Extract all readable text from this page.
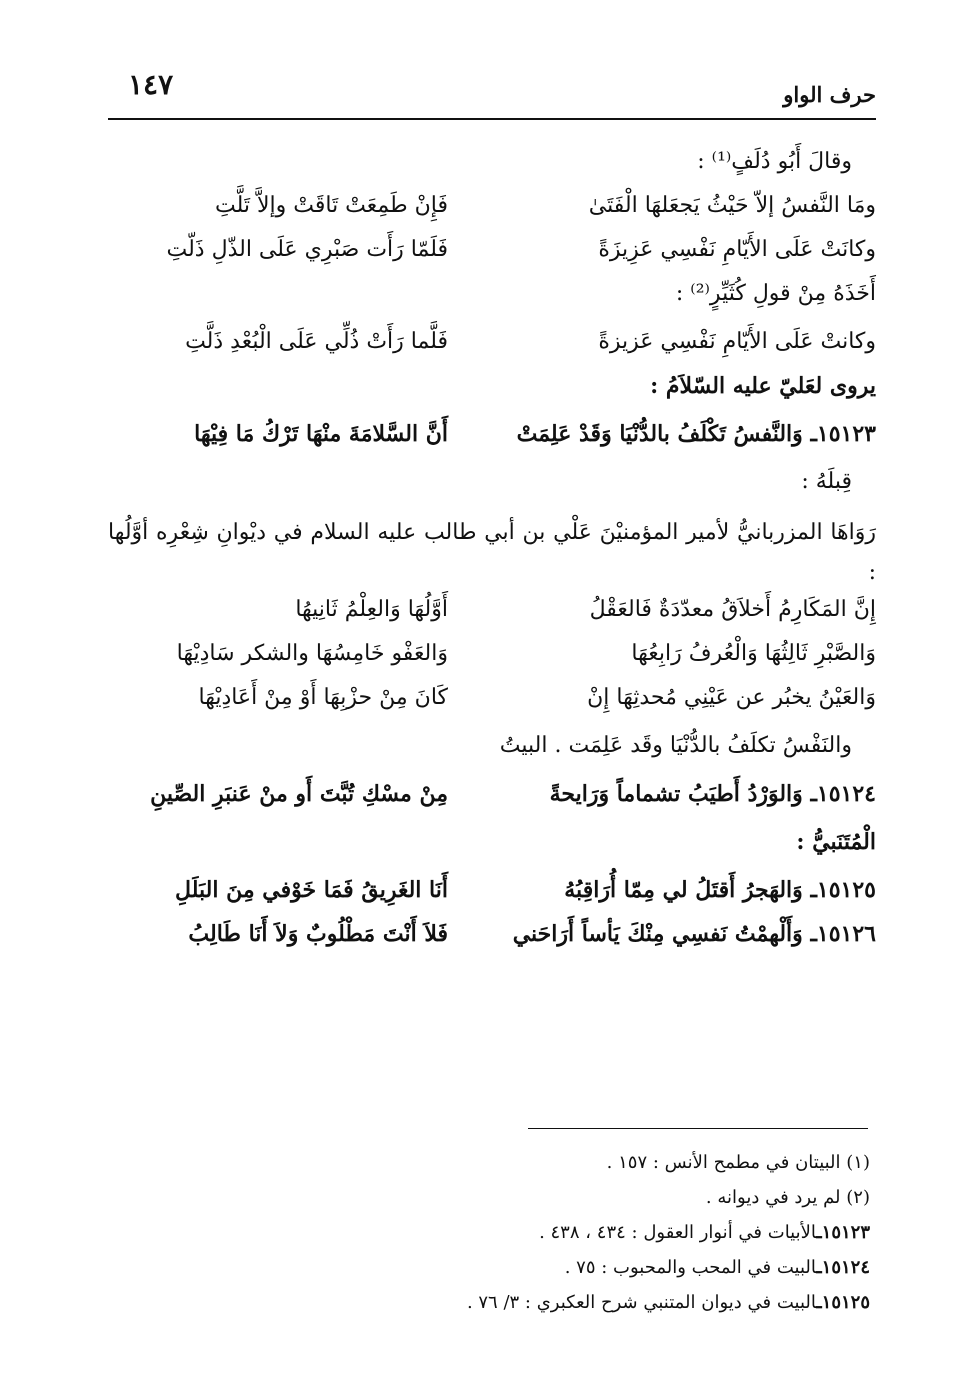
١٤٧	حرف الواو
وقالَ أَبُو دُلَفٍ⁽¹⁾ :
ومَا النَّفسُ إلاّ حَيْثُ يَجعَلهَا الْفَتَىٰ
فَإِنْ طَمِعَتْ تَاقَتْ وإلاَّ تَلَّتِ
وكانَتْ عَلَى الأَيّامِ نَفْسِي عَزِيزَةً
فَلَمّا رَأَت صَبْرِي عَلَى الذّلِ ذَلّتِ
أَخَذَهُ مِنْ قولِ كُثَيِّرٍ⁽²⁾ :
وكانتْ عَلَى الأَيّامِ نَفْسِي عَزيزةً
فَلَّما رَأَتْ ذُلِّي عَلَى الْبُعْدِ ذَلَّتِ
يروى لعَليّ عليه السّلاَمُ :
١٥١٢٣ـ وَالنَّفسُ تَكْلَفُ بالدُّنْيَا وَقَدْ عَلِمَتْ
أَنَّ السَّلامَةَ منْهَا تَرْكُ مَا فِيْهَا
قِبلَهُ :
رَوَاهَا المزربانيُّ لأمير المؤمنيْنَ عَلْي بن أبي طالب عليه السلام في ديْوانِ شِعْرِه أوَّلُها :
إِنَّ المَكَارِمُ أَخلاَقُ معدّدَةٌ فَالعَقْلُ
أَوَّلُهَا وَالعِلْمُ ثَانِيهُا
وَالصَّبْرِ ثَالِثُهَا وَالْعُرفُ رَابِعُهَا
وَالعَفْو خَامِسُهَا والشكر سَادِيْهَا
وَالعَيْنُ يخبُر عن عَيْنِي مُحدثِهَا إِنْ
كَانَ مِنْ حزْبِهَا أَوْ مِنْ أَعَادِيْهَا
والنَفْسُ تكلَفُ بالدُّنْيَا وقَد عَلِمَت . البيتُ
١٥١٢٤ـ وَالوَرْدُ أَطيَبُ تشماماً وَرَايحةً
مِنْ مسْكِ تُبَّتَ أَو منْ عَنبَرِ الصِّينِ
الْمُتَنَبيُّ :
١٥١٢٥ـ وَالهَجرُ أَقتَلُ لي مِمّا أُرَاقِبُهُ
أَنَا الغَرِيقُ فَمَا خَوْفي مِنَ البَلَلِ
١٥١٢٦ـ وَأَلْهمْتُ نَفسِي مِنْكَ يَأساً أَرَاحَني
فَلاَ أَنْتَ مَطْلُوبٌ وَلاَ أَنَا طَالِبُ
(١) البيتان في مطمح الأنس : ١٥٧ .
(٢) لم يرد في ديوانه .
١٥١٢٣ـالأبيات في أنوار العقول : ٤٣٤ ، ٤٣٨ .
١٥١٢٤ـالبيت في المحب والمحبوب : ٧٥ .
١٥١٢٥ـالبيت في ديوان المتنبي شرح العكبري : ٣/ ٧٦ .
